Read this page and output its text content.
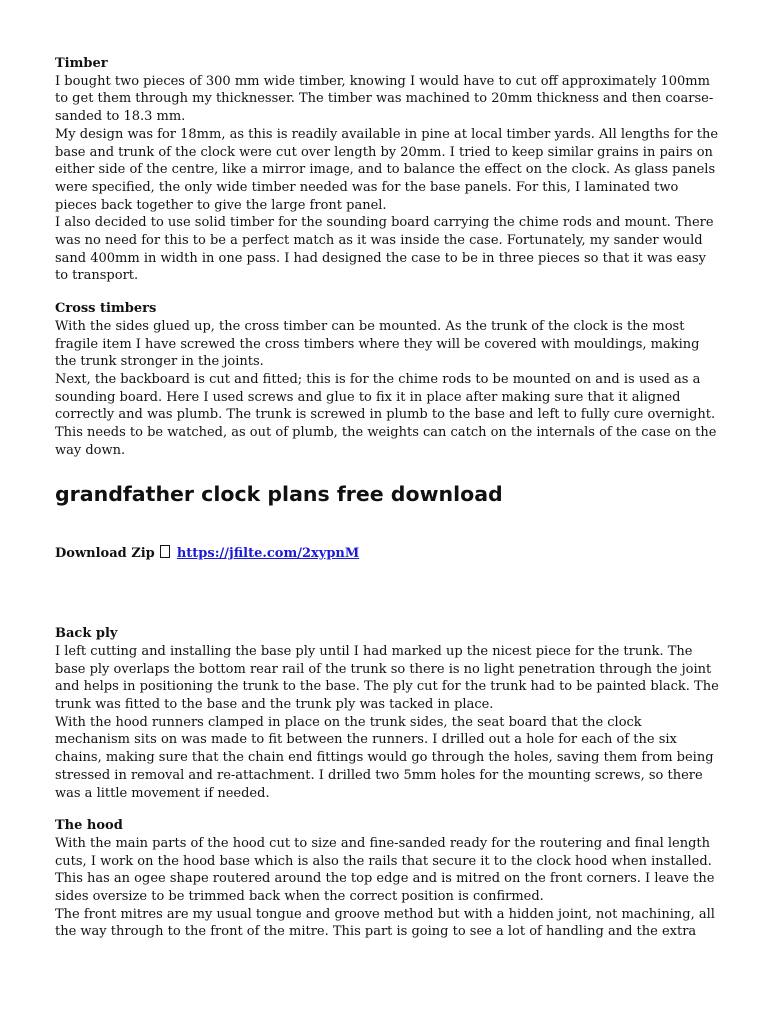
Timber

I bought two pieces of 300 mm wide timber, knowing I would have to cut off approximately 100mm to get them through my thicknesser. The timber was machined to 20mm thickness and then coarse-sanded to 18.3 mm.

My design was for 18mm, as this is readily available in pine at local timber yards. All lengths for the base and trunk of the clock were cut over length by 20mm. I tried to keep similar grains in pairs on either side of the centre, like a mirror image, and to balance the effect on the clock. As glass panels were specified, the only wide timber needed was for the base panels. For this, I laminated two pieces back together to give the large front panel.

I also decided to use solid timber for the sounding board carrying the chime rods and mount. There was no need for this to be a perfect match as it was inside the case. Fortunately, my sander would sand 400mm in width in one pass. I had designed the case to be in three pieces so that it was easy to transport.

Cross timbers

With the sides glued up, the cross timber can be mounted. As the trunk of the clock is the most fragile item I have screwed the cross timbers where they will be covered with mouldings, making the trunk stronger in the joints.

Next, the backboard is cut and fitted; this is for the chime rods to be mounted on and is used as a sounding board. Here I used screws and glue to fix it in place after making sure that it aligned correctly and was plumb. The trunk is screwed in plumb to the base and left to fully cure overnight. This needs to be watched, as out of plumb, the weights can catch on the internals of the case on the way down.

grandfather clock plans free download
Download Zip https://jfilte.com/2xypnM

Back ply

I left cutting and installing the base ply until I had marked up the nicest piece for the trunk. The base ply overlaps the bottom rear rail of the trunk so there is no light penetration through the joint and helps in positioning the trunk to the base. The ply cut for the trunk had to be painted black. The trunk was fitted to the base and the trunk ply was tacked in place.

With the hood runners clamped in place on the trunk sides, the seat board that the clock mechanism sits on was made to fit between the runners. I drilled out a hole for each of the six chains, making sure that the chain end fittings would go through the holes, saving them from being stressed in removal and re-attachment. I drilled two 5mm holes for the mounting screws, so there was a little movement if needed.

The hood

With the main parts of the hood cut to size and fine-sanded ready for the routering and final length cuts, I work on the hood base which is also the rails that secure it to the clock hood when installed. This has an ogee shape routered around the top edge and is mitred on the front corners. I leave the sides oversize to be trimmed back when the correct position is confirmed.

The front mitres are my usual tongue and groove method but with a hidden joint, not machining, all the way through to the front of the mitre. This part is going to see a lot of handling and the extra
